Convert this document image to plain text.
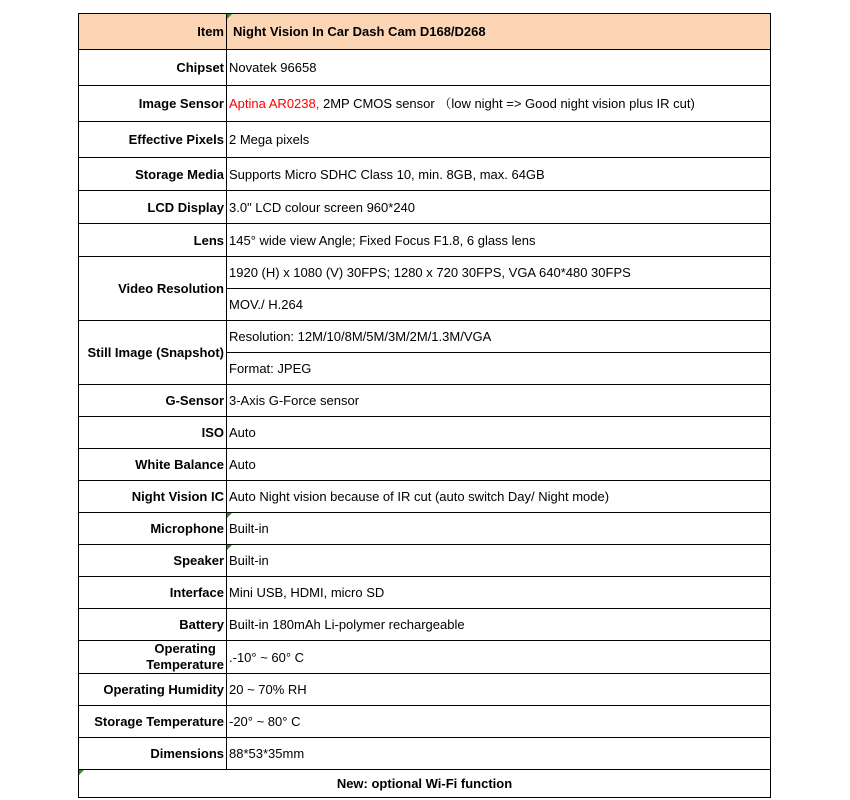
Item	Night Vision In Car Dash Cam D168/D268
Chipset	Novatek 96658
Image Sensor	Aptina AR0238, 2MP CMOS sensor （low night => Good night vision plus IR cut)
Effective Pixels	2 Mega pixels
Storage Media	Supports Micro SDHC Class 10, min. 8GB, max. 64GB
LCD Display	3.0" LCD colour screen 960*240
Lens	145° wide view Angle; Fixed Focus F1.8, 6 glass lens
Video Resolution	1920 (H) x 1080 (V) 30FPS; 1280 x 720 30FPS, VGA 640*480 30FPS
	MOV./ H.264
Still Image (Snapshot)	Resolution: 12M/10/8M/5M/3M/2M/1.3M/VGA
	Format: JPEG
G-Sensor	3-Axis G-Force sensor
ISO	Auto
White Balance	Auto
Night Vision IC	Auto Night vision because of IR cut (auto switch Day/ Night mode)
Microphone	Built-in
Speaker	Built-in
Interface	Mini USB, HDMI, micro SD
Battery	Built-in 180mAh Li-polymer rechargeable
Operating
Temperature	.-10° ~ 60° C
Operating Humidity	20 ~ 70% RH
Storage Temperature	-20° ~ 80° C
Dimensions	88*53*35mm

New: optional Wi-Fi function	
